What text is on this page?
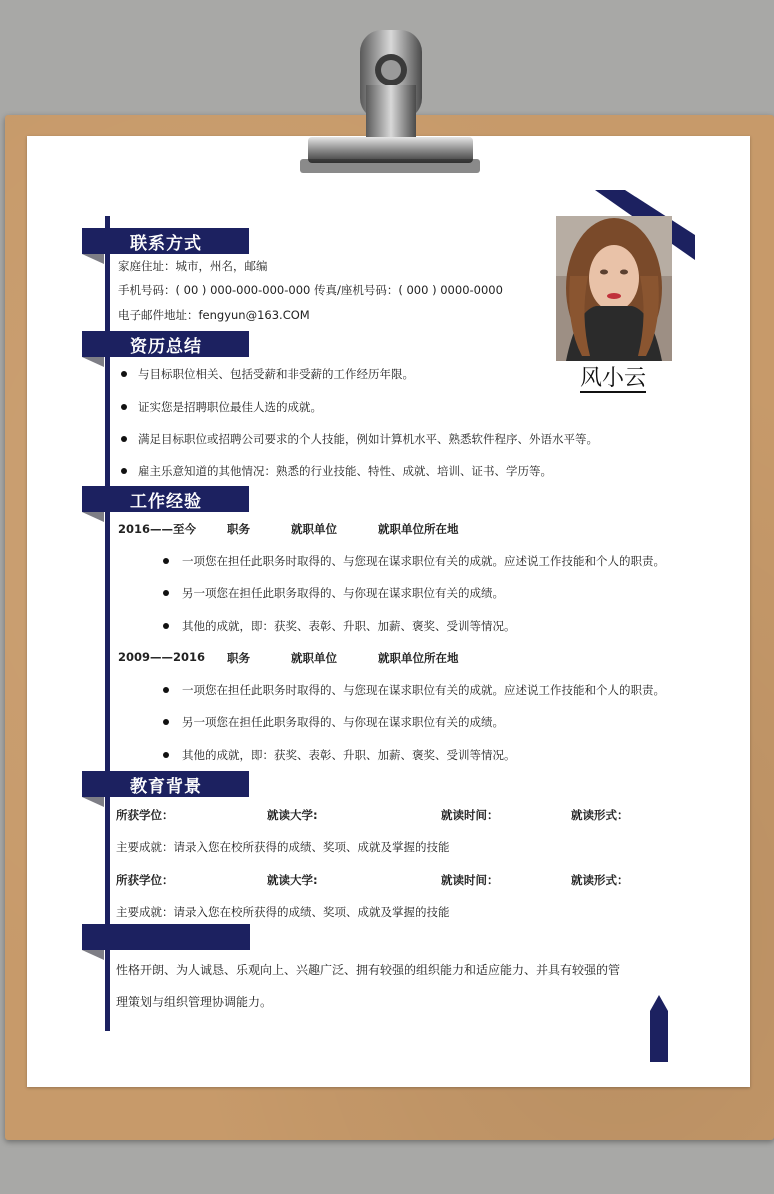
风小云
联系方式
家庭住址：城市，州名，邮编
手机号码：( 00 ) 000-000-000-000 传真/座机号码：( 000 ) 0000-0000
电子邮件地址：fengyun@163.COM
资历总结
与目标职位相关、包括受薪和非受薪的工作经历年限。
证实您是招聘职位最佳人选的成就。
满足目标职位或招聘公司要求的个人技能，例如计算机水平、熟悉软件程序、外语水平等。
雇主乐意知道的其他情况：熟悉的行业技能、特性、成就、培训、证书、学历等。
工作经验
2016——至今	职务	就职单位	就职单位所在地
一项您在担任此职务时取得的、与您现在谋求职位有关的成就。应述说工作技能和个人的职责。
另一项您在担任此职务取得的、与你现在谋求职位有关的成绩。
其他的成就，即：获奖、表彰、升职、加薪、褒奖、受训等情况。
2009——2016 职务	就职单位	就职单位所在地
一项您在担任此职务时取得的、与您现在谋求职位有关的成就。应述说工作技能和个人的职责。
另一项您在担任此职务取得的、与你现在谋求职位有关的成绩。
其他的成就，即：获奖、表彰、升职、加薪、褒奖、受训等情况。
教育背景
所获学位：	就读大学:	就读时间：	就读形式：
主要成就：请录入您在校所获得的成绩、奖项、成就及掌握的技能
所获学位：	就读大学:	就读时间：	就读形式：
主要成就：请录入您在校所获得的成绩、奖项、成就及掌握的技能
性格开朗、为人诚恳、乐观向上、兴趣广泛、拥有较强的组织能力和适应能力、并具有较强的管
理策划与组织管理协调能力。
